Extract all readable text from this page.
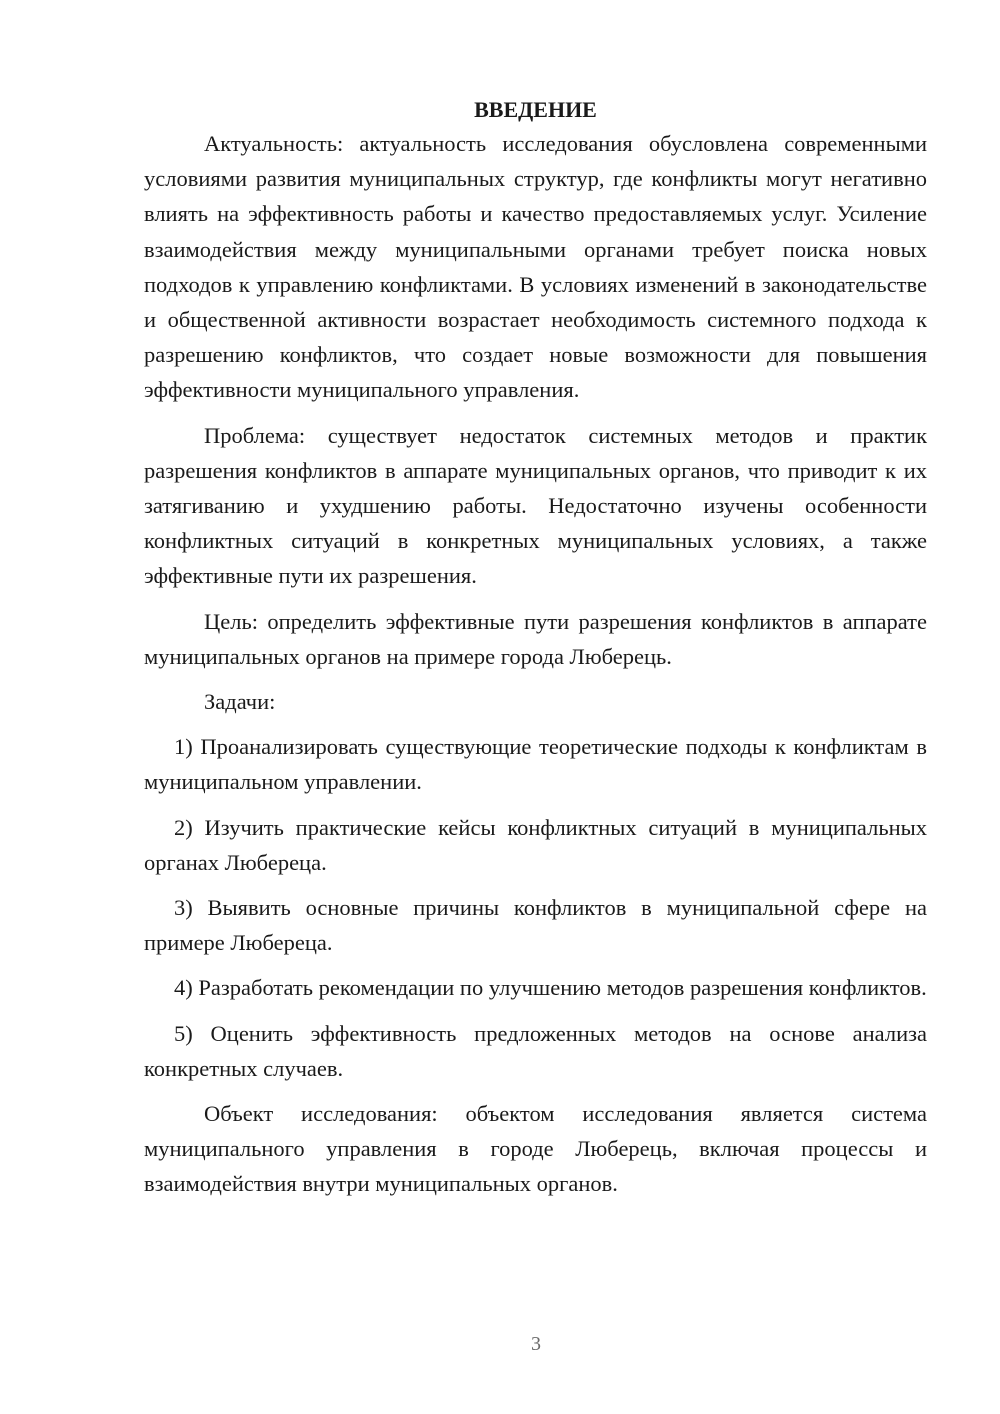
ВВЕДЕНИЕ

Актуальность: актуальность исследования обусловлена современными условиями развития муниципальных структур, где конфликты могут негативно влиять на эффективность работы и качество предоставляемых услуг. Усиление взаимодействия между муниципальными органами требует поиска новых подходов к управлению конфликтами. В условиях изменений в законодательстве и общественной активности возрастает необходимость системного подхода к разрешению конфликтов, что создает новые возможности для повышения эффективности муниципального управления.

Проблема: существует недостаток системных методов и практик разрешения конфликтов в аппарате муниципальных органов, что приводит к их затягиванию и ухудшению работы. Недостаточно изучены особенности конфликтных ситуаций в конкретных муниципальных условиях, а также эффективные пути их разрешения.

Цель: определить эффективные пути разрешения конфликтов в аппарате муниципальных органов на примере города Люберець.

Задачи:

1) Проанализировать существующие теоретические подходы к конфликтам в муниципальном управлении.

2) Изучить практические кейсы конфликтных ситуаций в муниципальных органах Люберецa.

3) Выявить основные причины конфликтов в муниципальной сфере на примере Люберецa.

4) Разработать рекомендации по улучшению методов разрешения конфликтов.

5) Оценить эффективность предложенных методов на основе анализа конкретных случаев.

Объект исследования: объектом исследования является система муниципального управления в городе Люберець, включая процессы и взаимодействия внутри муниципальных органов.

3
